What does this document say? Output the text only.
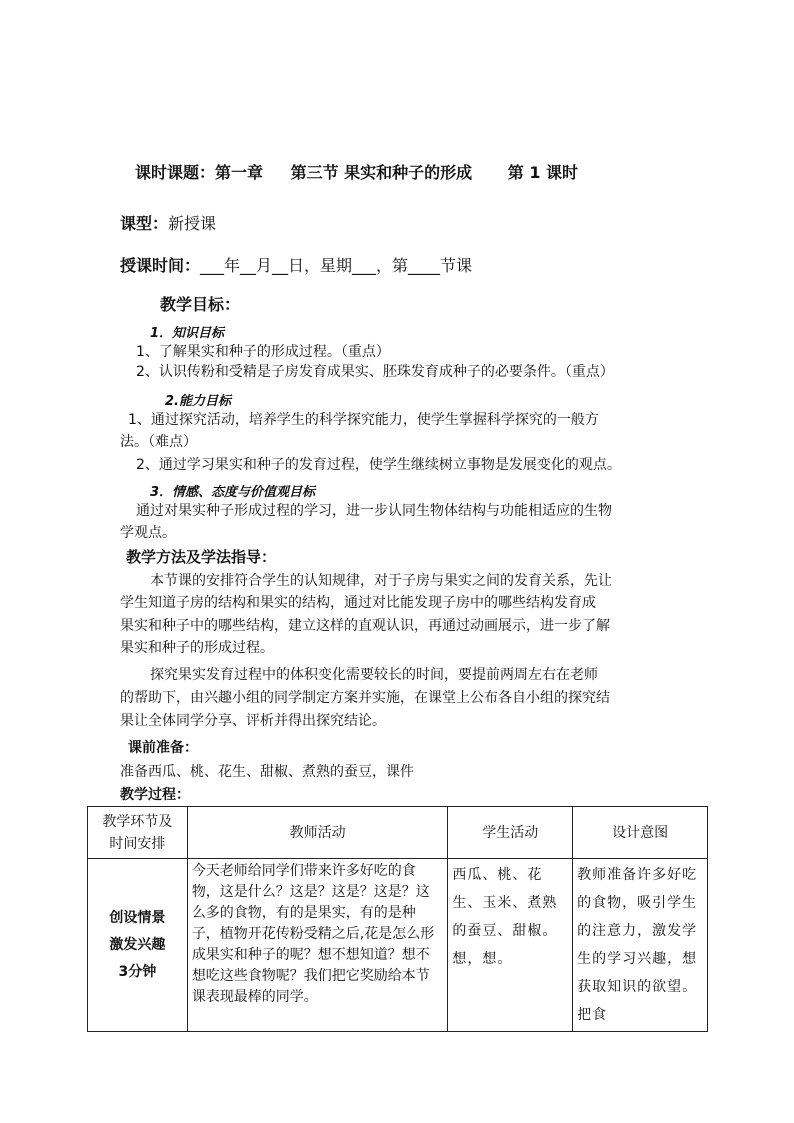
课时课题：第一章 第三节 果实和种子的形成 第 1 课时
课型：新授课
授课时间：___年__月__日，星期___，第____节课
教学目标：
1．知识目标
1、了解果实和种子的形成过程。（重点）
2、认识传粉和受精是子房发育成果实、胚珠发育成种子的必要条件。（重点）
2.能力目标
1、通过探究活动，培养学生的科学探究能力，使学生掌握科学探究的一般方
法。（难点）
2、通过学习果实和种子的发育过程，使学生继续树立事物是发展变化的观点。
3．情感、态度与价值观目标
通过对果实种子形成过程的学习，进一步认同生物体结构与功能相适应的生物
学观点。
教学方法及学法指导：
本节课的安排符合学生的认知规律，对于子房与果实之间的发育关系，先让
学生知道子房的结构和果实的结构，通过对比能发现子房中的哪些结构发育成
果实和种子中的哪些结构，建立这样的直观认识，再通过动画展示，进一步了解
果实和种子的形成过程。
探究果实发育过程中的体积变化需要较长的时间，要提前两周左右在老师
的帮助下，由兴趣小组的同学制定方案并实施，在课堂上公布各自小组的探究结
果让全体同学分享、评析并得出探究结论。
课前准备：
准备西瓜、桃、花生、甜椒、煮熟的蚕豆，课件
教学过程：
教学环节及
时间安排	教师活动	学生活动	设计意图

创设情景
激发兴趣
3分钟	今天老师给同学们带来许多好吃的食物，这是什么？这是？这是？这是？这么多的食物，有的是果实，有的是种子，植物开花传粉受精之后,花是怎么形成果实和种子的呢？想不想知道？想不想吃这些食物呢？我们把它奖励给本节课表现最棒的同学。	西瓜、桃、花生、玉米、煮熟的蚕豆、甜椒。想，想。	教师准备许多好吃的食物，吸引学生的注意力，激发学生的学习兴趣，想获取知识的欲望。把食
